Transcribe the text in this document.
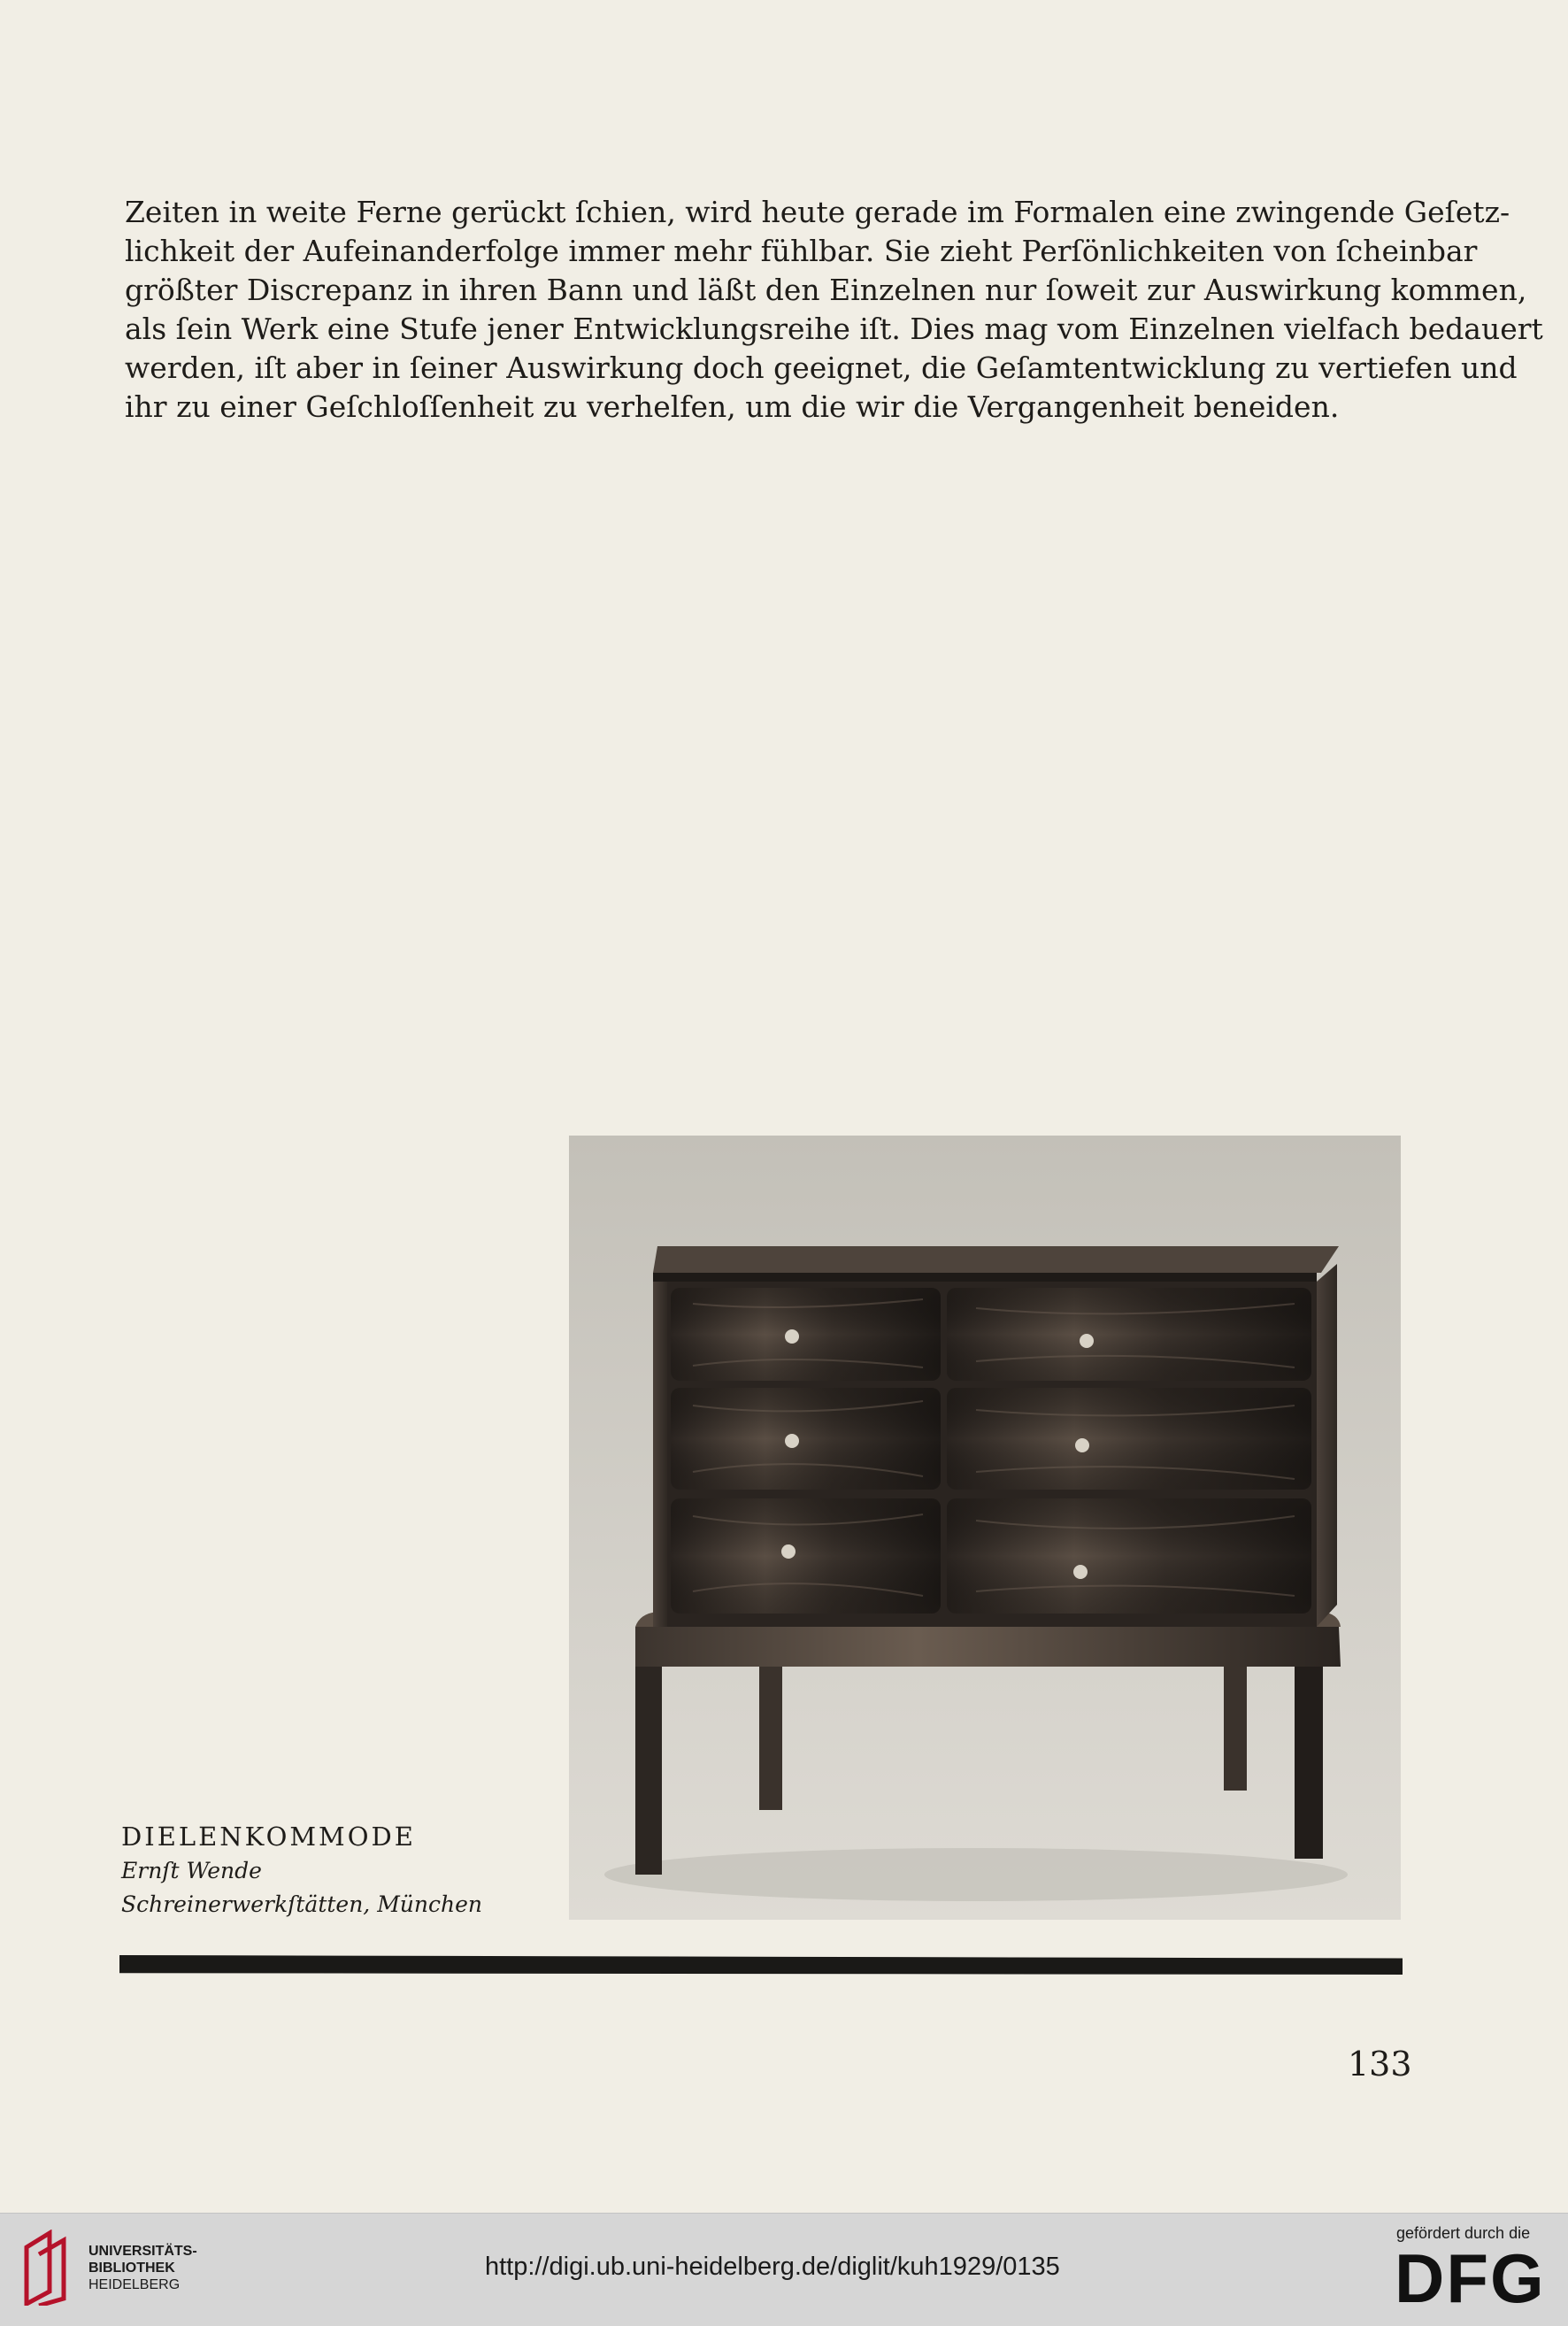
Zeiten in weite Ferne gerückt ſchien, wird heute gerade im Formalen eine zwingende Geſetz-
lichkeit der Aufeinanderfolge immer mehr fühlbar. Sie zieht Perſönlichkeiten von ſcheinbar
größter Discrepanz in ihren Bann und läßt den Einzelnen nur ſoweit zur Auswirkung kommen,
als ſein Werk eine Stufe jener Entwicklungsreihe iſt. Dies mag vom Einzelnen vielfach bedauert
werden, iſt aber in ſeiner Auswirkung doch geeignet, die Geſamtentwicklung zu vertiefen und
ihr zu einer Geſchloſſenheit zu verhelfen, um die wir die Vergangenheit beneiden.
DIELENKOMMODE
Ernſt Wende
Schreinerwerkſtätten, München
133
UNIVERSITÄTS-
BIBLIOTHEK
HEIDELBERG
http://digi.ub.uni-heidelberg.de/diglit/kuh1929/0135
gefördert durch die
DFG
